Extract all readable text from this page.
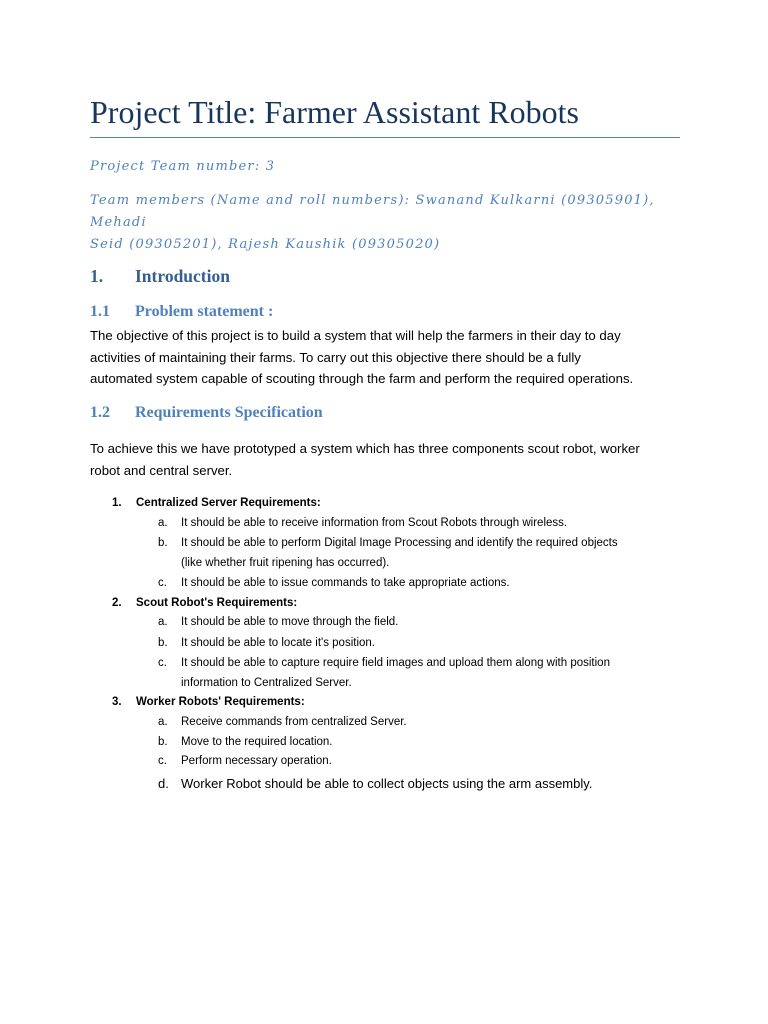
Project Title: Farmer Assistant Robots
Project Team number: 3
Team members (Name and roll numbers): Swanand Kulkarni (09305901), Mehadi
Seid (09305201), Rajesh Kaushik (09305020)
1. Introduction
1.1 Problem statement :
The objective of this project is to build a system that will help the farmers in their day to day
activities of maintaining their farms. To carry out this objective there should be a fully
automated system capable of scouting through the farm and perform the required operations.
1.2 Requirements Specification
To achieve this we have prototyped a system which has three components scout robot, worker
robot and central server.
1. Centralized Server Requirements:
a. It should be able to receive information from Scout Robots through wireless.
b. It should be able to perform Digital Image Processing and identify the required objects
(like whether fruit ripening has occurred).
c. It should be able to issue commands to take appropriate actions.
2. Scout Robot's Requirements:
a. It should be able to move through the field.
b. It should be able to locate it's position.
c. It should be able to capture require field images and upload them along with position
information to Centralized Server.
3. Worker Robots' Requirements:
a. Receive commands from centralized Server.
b. Move to the required location.
c. Perform necessary operation.
d. Worker Robot should be able to collect objects using the arm assembly.
